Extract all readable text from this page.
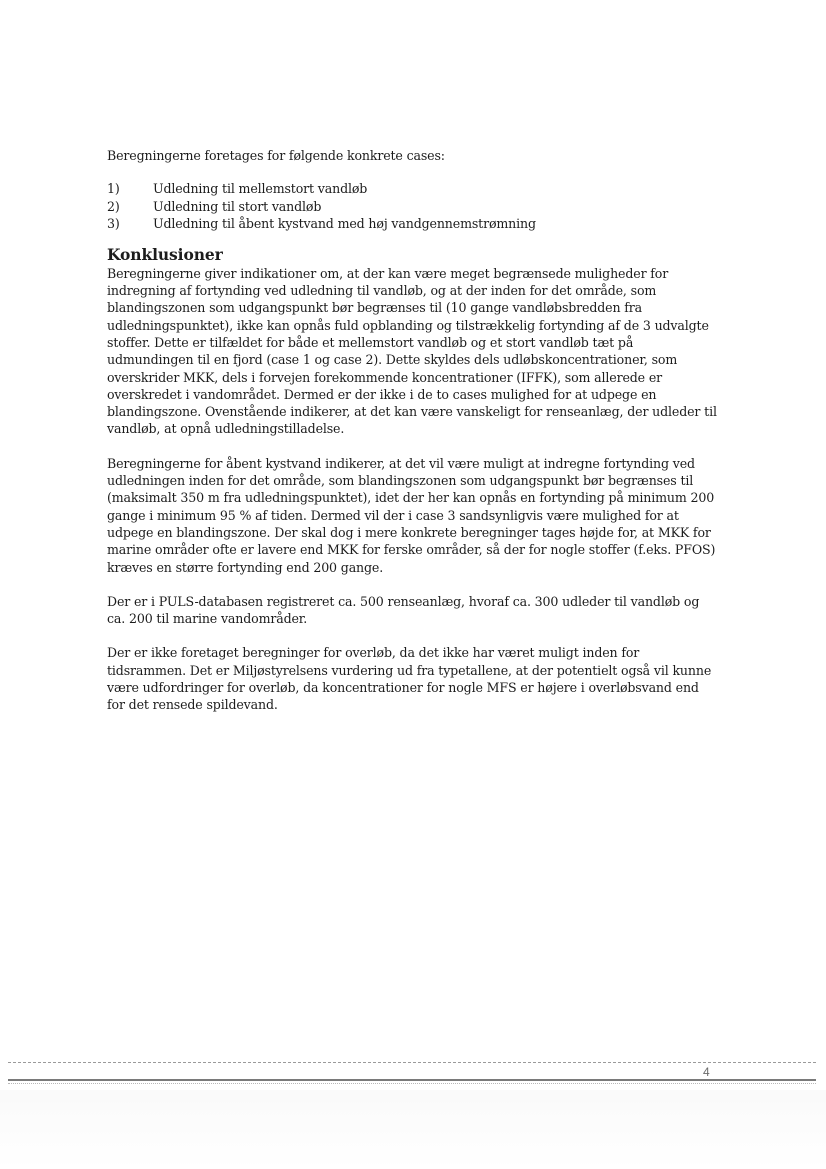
Beregningerne foretages for følgende konkrete cases:

1)	Udledning til mellemstort vandløb
2)	Udledning til stort vandløb
3)	Udledning til åbent kystvand med høj vandgennemstrømning
Konklusioner

Beregningerne giver indikationer om, at der kan være meget begrænsede muligheder for indregning af fortynding ved udledning til vandløb, og at der inden for det område, som blandingszonen som udgangspunkt bør begrænses til (10 gange vandløbsbredden fra udledningspunktet), ikke kan opnås fuld opblanding og tilstrækkelig fortynding af de 3 udvalgte stoffer. Dette er tilfældet for både et mellemstort vandløb og et stort vandløb tæt på udmundingen til en fjord (case 1 og case 2). Dette skyldes dels udløbskoncentrationer, som overskrider MKK, dels i forvejen forekommende koncentrationer (IFFK), som allerede er overskredet i vandområdet. Dermed er der ikke i de to cases mulighed for at udpege en blandingszone. Ovenstående indikerer, at det kan være vanskeligt for renseanlæg, der udleder til vandløb, at opnå udledningstilladelse.

Beregningerne for åbent kystvand indikerer, at det vil være muligt at indregne fortynding ved udledningen inden for det område, som blandingszonen som udgangspunkt bør begrænses til (maksimalt 350 m fra udledningspunktet), idet der her kan opnås en fortynding på minimum 200 gange i minimum 95 % af tiden. Dermed vil der i case 3 sandsynligvis være mulighed for at udpege en blandingszone. Der skal dog i mere konkrete beregninger tages højde for, at MKK for marine områder ofte er lavere end MKK for ferske områder, så der for nogle stoffer (f.eks. PFOS) kræves en større fortynding end 200 gange.

Der er i PULS-databasen registreret ca. 500 renseanlæg, hvoraf ca. 300 udleder til vandløb og ca. 200 til marine vandområder.

Der er ikke foretaget beregninger for overløb, da det ikke har været muligt inden for tidsrammen. Det er Miljøstyrelsens vurdering ud fra typetallene, at der potentielt også vil kunne være udfordringer for overløb, da koncentrationer for nogle MFS er højere i overløbsvand end for det rensede spildevand.

4
